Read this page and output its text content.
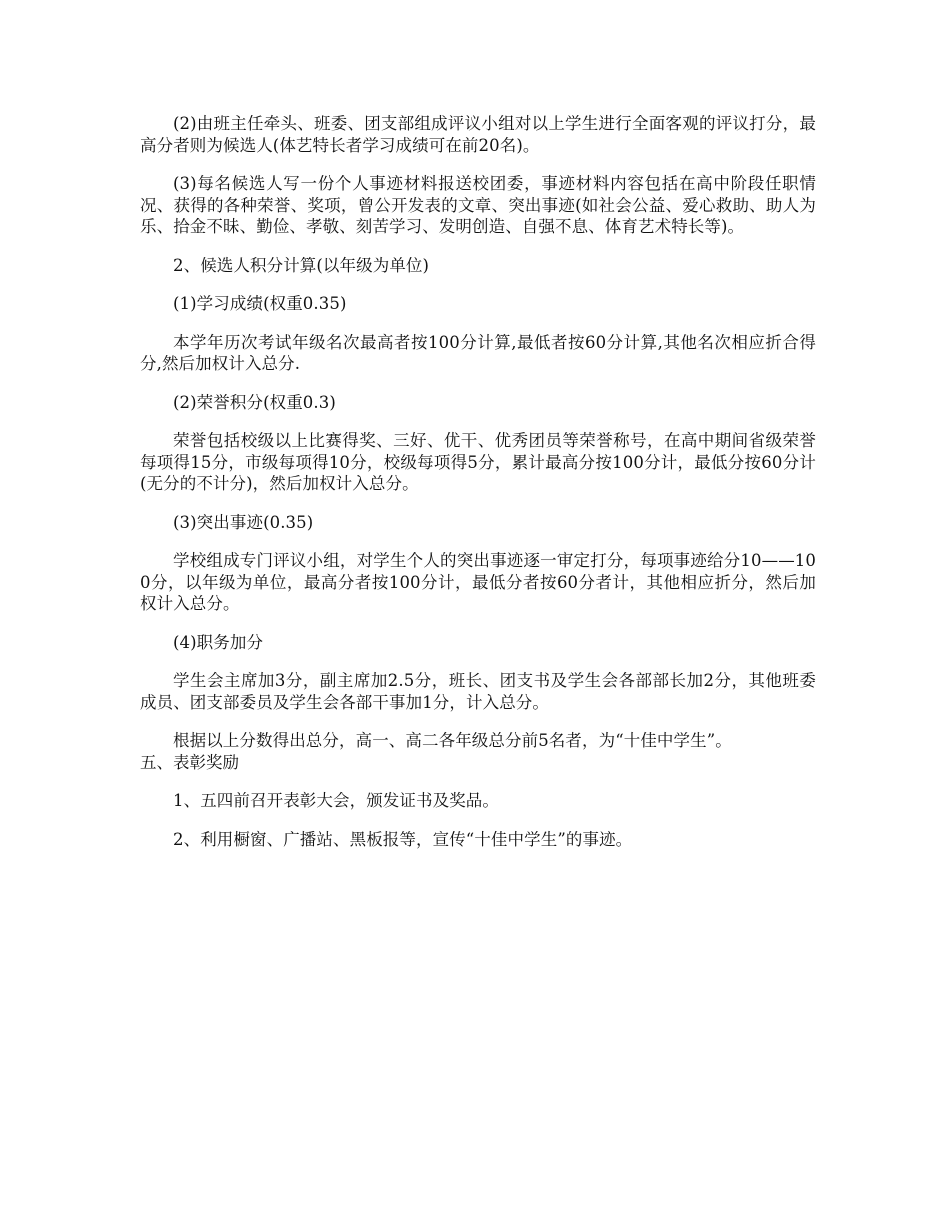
(2)由班主任牵头、班委、团支部组成评议小组对以上学生进行全面客观的评议打分，最高分者则为候选人(体艺特长者学习成绩可在前20名)。

(3)每名候选人写一份个人事迹材料报送校团委，事迹材料内容包括在高中阶段任职情况、获得的各种荣誉、奖项，曾公开发表的文章、突出事迹(如社会公益、爱心救助、助人为乐、拾金不昧、勤俭、孝敬、刻苦学习、发明创造、自强不息、体育艺术特长等)。

2、候选人积分计算(以年级为单位)

(1)学习成绩(权重0.35)

本学年历次考试年级名次最高者按100分计算,最低者按60分计算,其他名次相应折合得分,然后加权计入总分.

(2)荣誉积分(权重0.3)

荣誉包括校级以上比赛得奖、三好、优干、优秀团员等荣誉称号，在高中期间省级荣誉每项得15分，市级每项得10分，校级每项得5分，累计最高分按100分计，最低分按60分计(无分的不计分)，然后加权计入总分。

(3)突出事迹(0.35)

学校组成专门评议小组，对学生个人的突出事迹逐一审定打分，每项事迹给分10——100分，以年级为单位，最高分者按100分计，最低分者按60分者计，其他相应折分，然后加权计入总分。

(4)职务加分

学生会主席加3分，副主席加2.5分，班长、团支书及学生会各部部长加2分，其他班委成员、团支部委员及学生会各部干事加1分，计入总分。

根据以上分数得出总分，高一、高二各年级总分前5名者，为“十佳中学生”。

五、表彰奖励

1、五四前召开表彰大会，颁发证书及奖品。

2、利用橱窗、广播站、黑板报等，宣传“十佳中学生”的事迹。
